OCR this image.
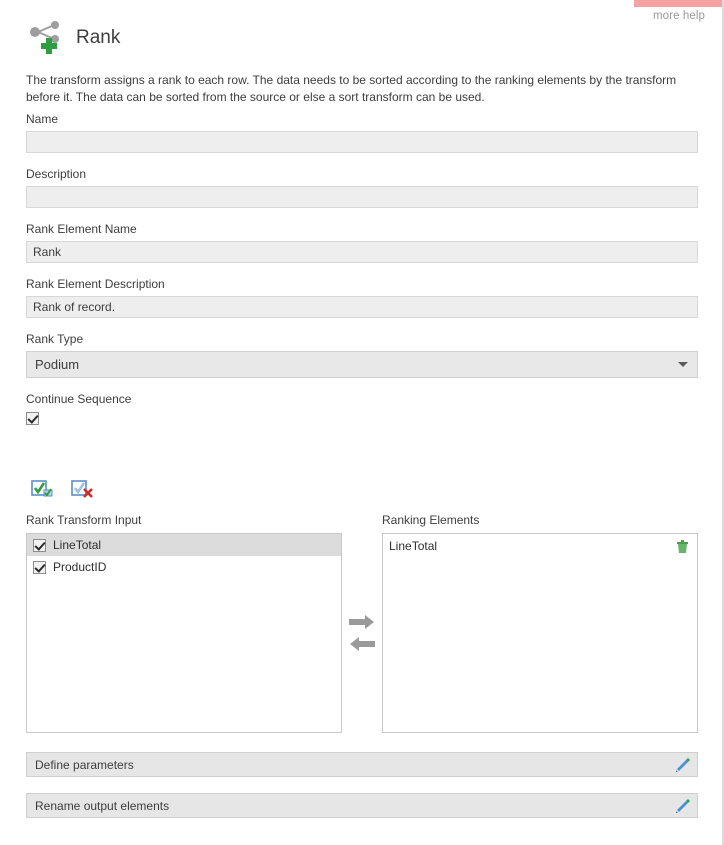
more help
Rank
The transform assigns a rank to each row. The data needs to be sorted according to the ranking elements by the transform before it. The data can be sorted from the source or else a sort transform can be used.
Name
Description
Rank Element Name
Rank
Rank Element Description
Rank of record.
Rank Type
Podium
Continue Sequence
Rank Transform Input	Ranking Elements
LineTotal
ProductID
LineTotal
Define parameters
Rename output elements
